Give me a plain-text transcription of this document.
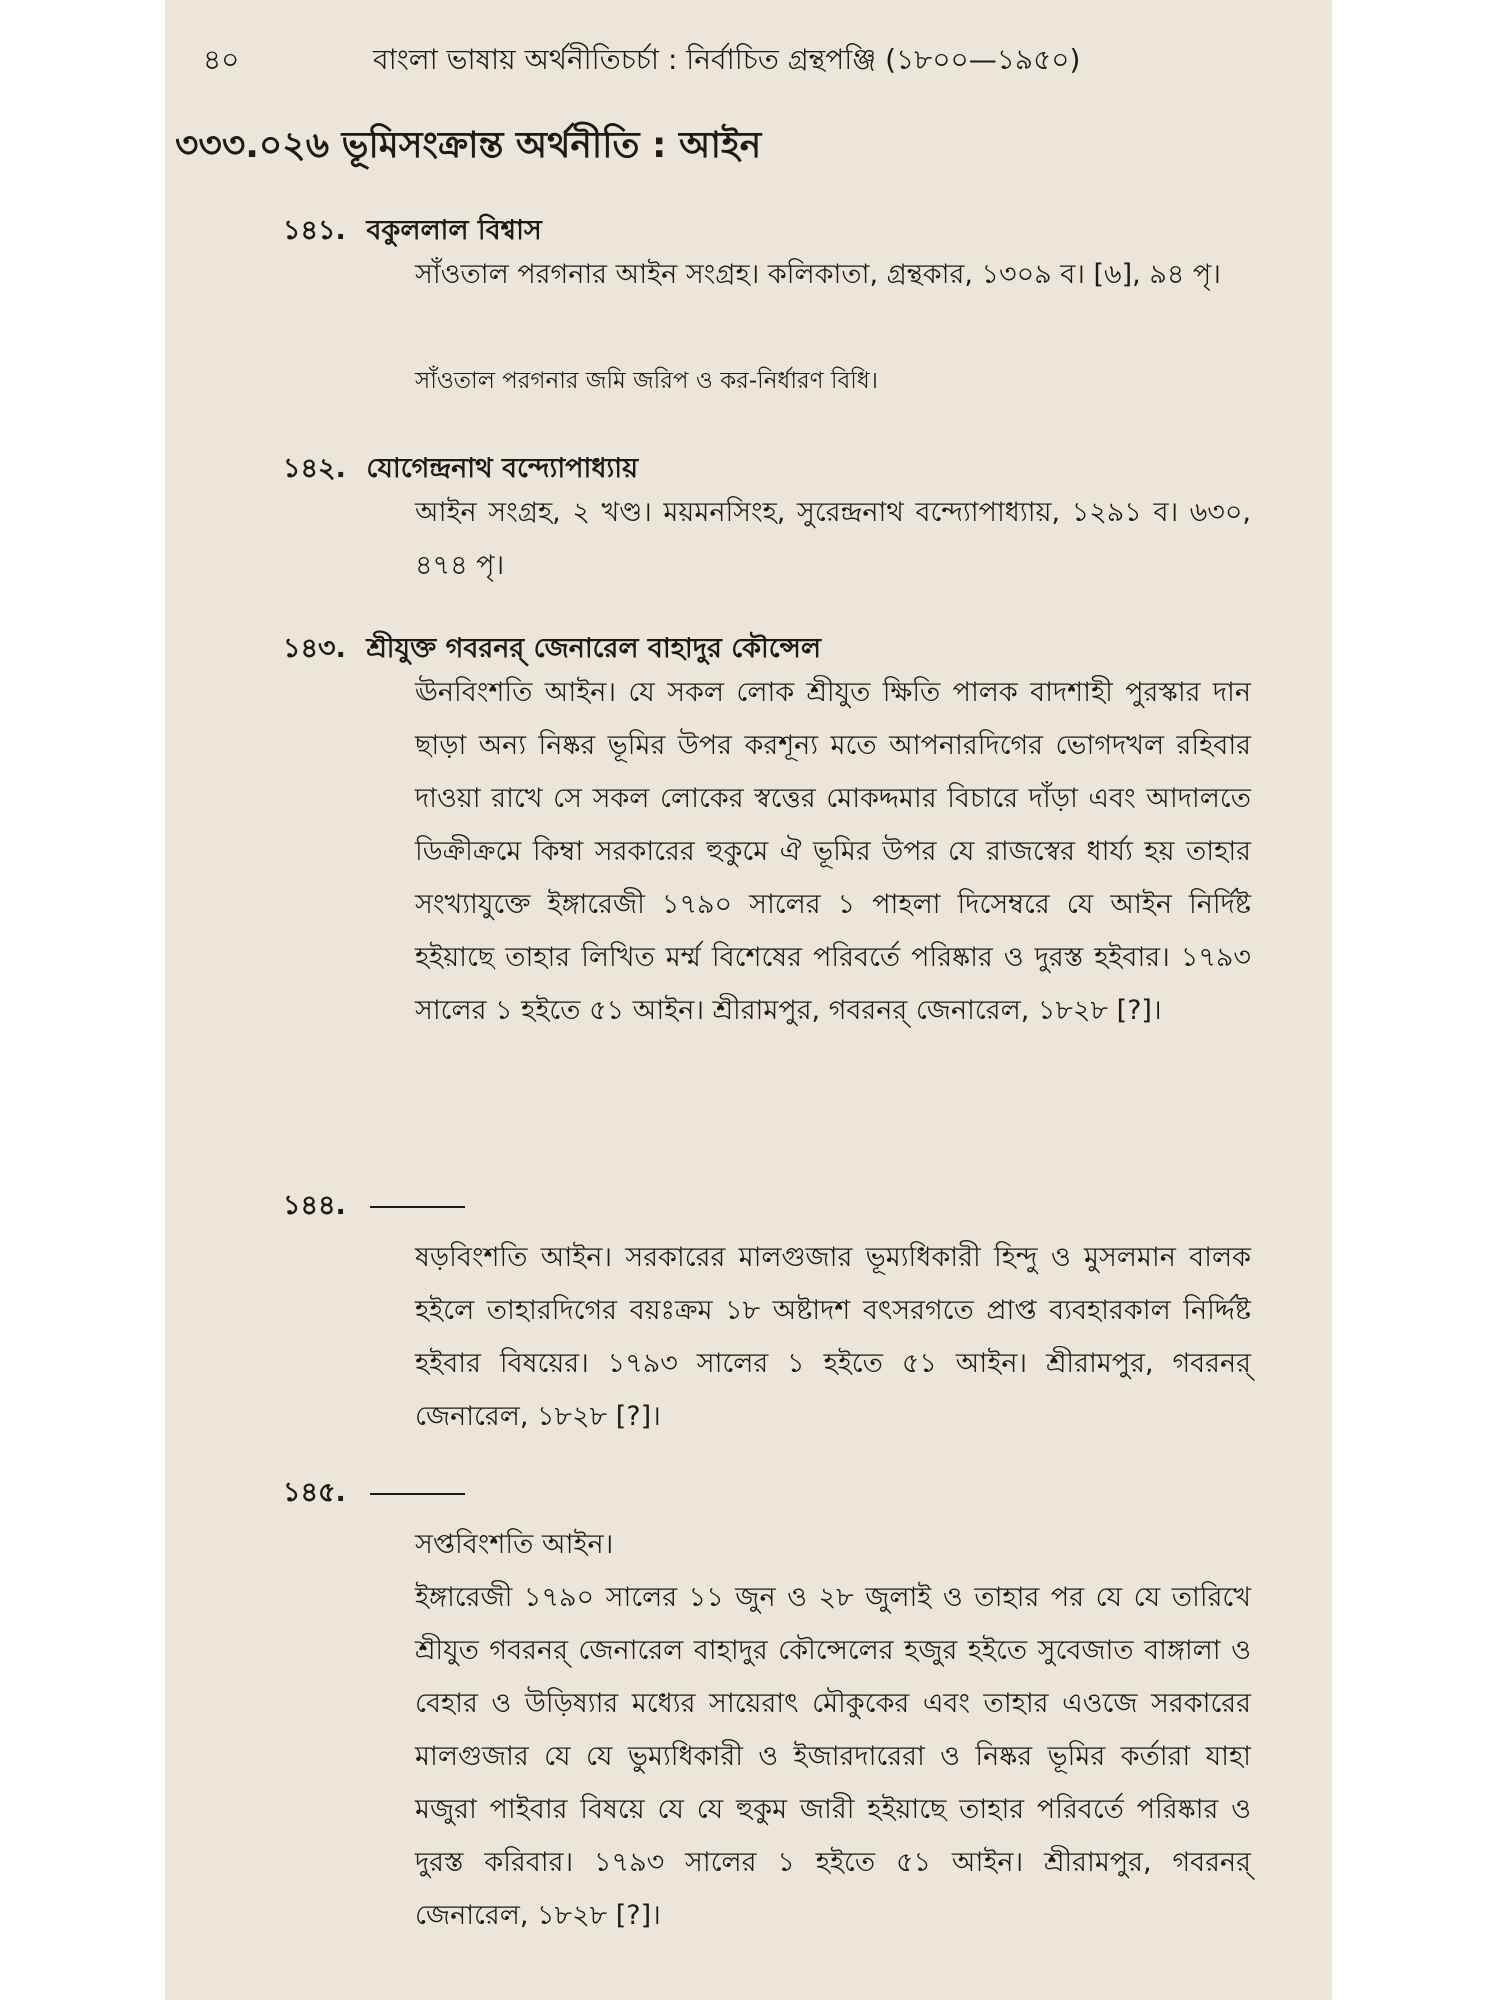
৪০	বাংলা ভাষায় অর্থনীতিচর্চা : নির্বাচিত গ্রন্থপঞ্জি (১৮০০—১৯৫০)
৩৩৩.০২৬ ভূমিসংক্রান্ত অর্থনীতি : আইন
১৪১. বকুললাল বিশ্বাস
সাঁওতাল পরগনার আইন সংগ্রহ। কলিকাতা, গ্রন্থকার, ১৩০৯ ব। [৬], ৯৪ পৃ।
সাঁওতাল পরগনার জমি জরিপ ও কর-নির্ধারণ বিধি।
১৪২. যোগেন্দ্রনাথ বন্দ্যোপাধ্যায়
আইন সংগ্রহ, ২ খণ্ড। ময়মনসিংহ, সুরেন্দ্রনাথ বন্দ্যোপাধ্যায়, ১২৯১ ব। ৬৩০, ৪৭৪ পৃ।
১৪৩. শ্রীযুক্ত গবরনর্ জেনারেল বাহাদুর কৌন্সেল
ঊনবিংশতি আইন। যে সকল লোক শ্রীযুত ক্ষিতি পালক বাদশাহী পুরস্কার দান ছাড়া অন্য নিষ্কর ভূমির উপর করশূন্য মতে আপনারদিগের ভোগদখল রহিবার দাওয়া রাখে সে সকল লোকের স্বত্তের মোকদ্দমার বিচারে দাঁড়া এবং আদালতে ডিক্রীক্রমে কিম্বা সরকারের হুকুমে ঐ ভূমির উপর যে রাজস্বের ধার্য্য হয় তাহার সংখ্যাযুক্তে ইঙ্গারেজী ১৭৯০ সালের ১ পাহলা দিসেম্বরে যে আইন নির্দিষ্ট হইয়াছে তাহার লিখিত মর্ম্ম বিশেষের পরিবর্তে পরিষ্কার ও দুরস্ত হইবার। ১৭৯৩ সালের ১ হইতে ৫১ আইন। শ্রীরামপুর, গবরনর্ জেনারেল, ১৮২৮ [?]।
১৪৪.
ষড়বিংশতি আইন। সরকারের মালগুজার ভূম্যধিকারী হিন্দু ও মুসলমান বালক হইলে তাহারদিগের বয়ঃক্রম ১৮ অষ্টাদশ বৎসরগতে প্রাপ্ত ব্যবহারকাল নির্দ্দিষ্ট হইবার বিষয়ের। ১৭৯৩ সালের ১ হইতে ৫১ আইন। শ্রীরামপুর, গবরনর্ জেনারেল, ১৮২৮ [?]।
১৪৫.
সপ্তবিংশতি আইন।
ইঙ্গারেজী ১৭৯০ সালের ১১ জুন ও ২৮ জুলাই ও তাহার পর যে যে তারিখে শ্রীযুত গবরনর্ জেনারেল বাহাদুর কৌন্সেলের হজুর হইতে সুবেজাত বাঙ্গালা ও বেহার ও উড়িষ্যার মধ্যের সায়েরাৎ মৌকুকের এবং তাহার এওজে সরকারের মালগুজার যে যে ভুম্যধিকারী ও ইজারদারেরা ও নিষ্কর ভূমির কর্তারা যাহা মজুরা পাইবার বিষয়ে যে যে হুকুম জারী হইয়াছে তাহার পরিবর্তে পরিষ্কার ও দুরস্ত করিবার। ১৭৯৩ সালের ১ হইতে ৫১ আইন। শ্রীরামপুর, গবরনর্ জেনারেল, ১৮২৮ [?]।
